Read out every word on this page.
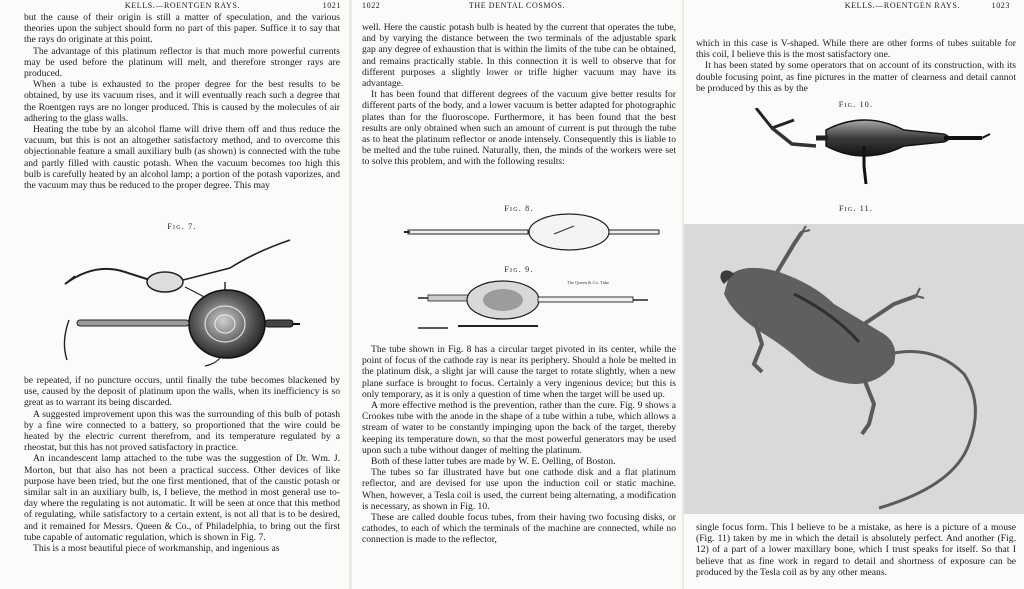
KELLS.—ROENTGEN RAYS.	1021

but the cause of their origin is still a matter of speculation, and the various theories upon the subject should form no part of this paper. Suffice it to say that the rays do originate at this point.

The advantage of this platinum reflector is that much more powerful currents may be used before the platinum will melt, and therefore stronger rays are produced.

When a tube is exhausted to the proper degree for the best results to be obtained, by use its vacuum rises, and it will eventually reach such a degree that the Roentgen rays are no longer produced. This is caused by the molecules of air adhering to the glass walls.

Heating the tube by an alcohol flame will drive them off and thus reduce the vacuum, but this is not an altogether satisfactory method, and to overcome this objectionable feature a small auxiliary bulb (as shown) is connected with the tube and partly filled with caustic potash. When the vacuum becomes too high this bulb is carefully heated by an alcohol lamp; a portion of the potash vaporizes, and the vacuum may thus be reduced to the proper degree. This may

Fig. 7.

be repeated, if no puncture occurs, until finally the tube becomes blackened by use, caused by the deposit of platinum upon the walls, when its inefficiency is so great as to warrant its being discarded.

A suggested improvement upon this was the surrounding of this bulb of potash by a fine wire connected to a battery, so proportioned that the wire could be heated by the electric current therefrom, and its temperature regulated by a rheostat, but this has not proved satisfactory in practice.

An incandescent lamp attached to the tube was the suggestion of Dr. Wm. J. Morton, but that also has not been a practical success. Other devices of like purpose have been tried, but the one first mentioned, that of the caustic potash or similar salt in an auxiliary bulb, is, I believe, the method in most general use to-day where the regulating is not automatic. It will be seen at once that this method of regulating, while satisfactory to a certain extent, is not all that is to be desired, and it remained for Messrs. Queen & Co., of Philadelphia, to bring out the first tube capable of automatic regulation, which is shown in Fig. 7.

This is a most beautiful piece of workmanship, and ingenious as

1022	THE DENTAL COSMOS.

well. Here the caustic potash bulb is heated by the current that operates the tube, and by varying the distance between the two terminals of the adjustable spark gap any degree of exhaustion that is within the limits of the tube can be obtained, and remains practically stable. In this connection it is well to observe that for different purposes a slightly lower or trifle higher vacuum may have its advantage.

It has been found that different degrees of the vacuum give better results for different parts of the body, and a lower vacuum is better adapted for photographic plates than for the fluoroscope. Furthermore, it has been found that the best results are only obtained when such an amount of current is put through the tube as to heat the platinum reflector or anode intensely. Consequently this is liable to be melted and the tube ruined. Naturally, then, the minds of the workers were set to solve this problem, and with the following results:

Fig. 8.
Fig. 9.
The Queen & Co. Tube

The tube shown in Fig. 8 has a circular target pivoted in its center, while the point of focus of the cathode ray is near its periphery. Should a hole be melted in the platinum disk, a slight jar will cause the target to rotate slightly, when a new plane surface is brought to focus. Certainly a very ingenious device; but this is only temporary, as it is only a question of time when the target will be used up.

A more effective method is the prevention, rather than the cure. Fig. 9 shows a Crookes tube with the anode in the shape of a tube within a tube, which allows a stream of water to be constantly impinging upon the back of the target, thereby keeping its temperature down, so that the most powerful generators may be used upon such a tube without danger of melting the platinum.

Both of these latter tubes are made by W. E. Oelling, of Boston.

The tubes so far illustrated have but one cathode disk and a flat platinum reflector, and are devised for use upon the induction coil or static machine. When, however, a Tesla coil is used, the current being alternating, a modification is necessary, as shown in Fig. 10.

These are called double focus tubes, from their having two focusing disks, or cathodes, to each of which the terminals of the machine are connected, while no connection is made to the reflector,

KELLS.—ROENTGEN RAYS.	1023

which in this case is V-shaped. While there are other forms of tubes suitable for this coil, I believe this is the most satisfactory one.

It has been stated by some operators that on account of its construction, with its double focusing point, as fine pictures in the matter of clearness and detail cannot be produced by this as by the

Fig. 10.
Fig. 11.

single focus form. This I believe to be a mistake, as here is a picture of a mouse (Fig. 11) taken by me in which the detail is absolutely perfect. And another (Fig. 12) of a part of a lower maxillary bone, which I trust speaks for itself. So that I believe that as fine work in regard to detail and shortness of exposure can be produced by the Tesla coil as by any other means.
